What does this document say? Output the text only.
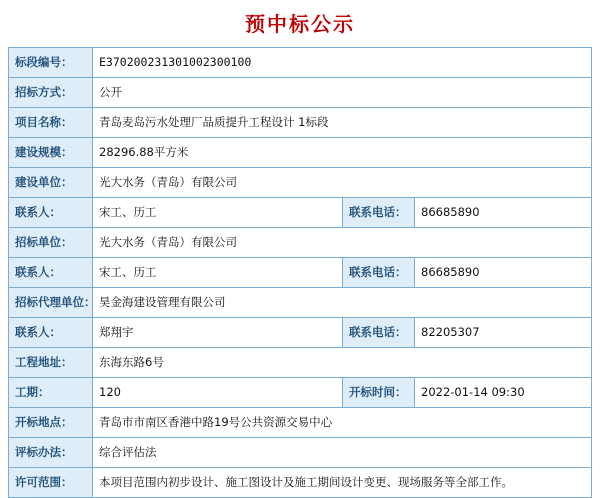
预中标公示
标段编号：	E370200231301002300100		
招标方式：	公开		
项目名称：	青岛麦岛污水处理厂品质提升工程设计 1标段		
建设规模：	28296.88平方米		
建设单位：	光大水务（青岛）有限公司		
联系人：	宋工、历工	联系电话：	86685890
招标单位：	光大水务（青岛）有限公司		
联系人：	宋工、历工	联系电话：	86685890
招标代理单位：	昊金海建设管理有限公司		
联系人：	郑翔宇	联系电话：	82205307
工程地址：	东海东路6号		
工期：	120	开标时间：	2022-01-14 09:30
开标地点：	青岛市市南区香港中路19号公共资源交易中心		
评标办法：	综合评估法		
许可范围：	本项目范围内初步设计、施工图设计及施工期间设计变更、现场服务等全部工作。		
